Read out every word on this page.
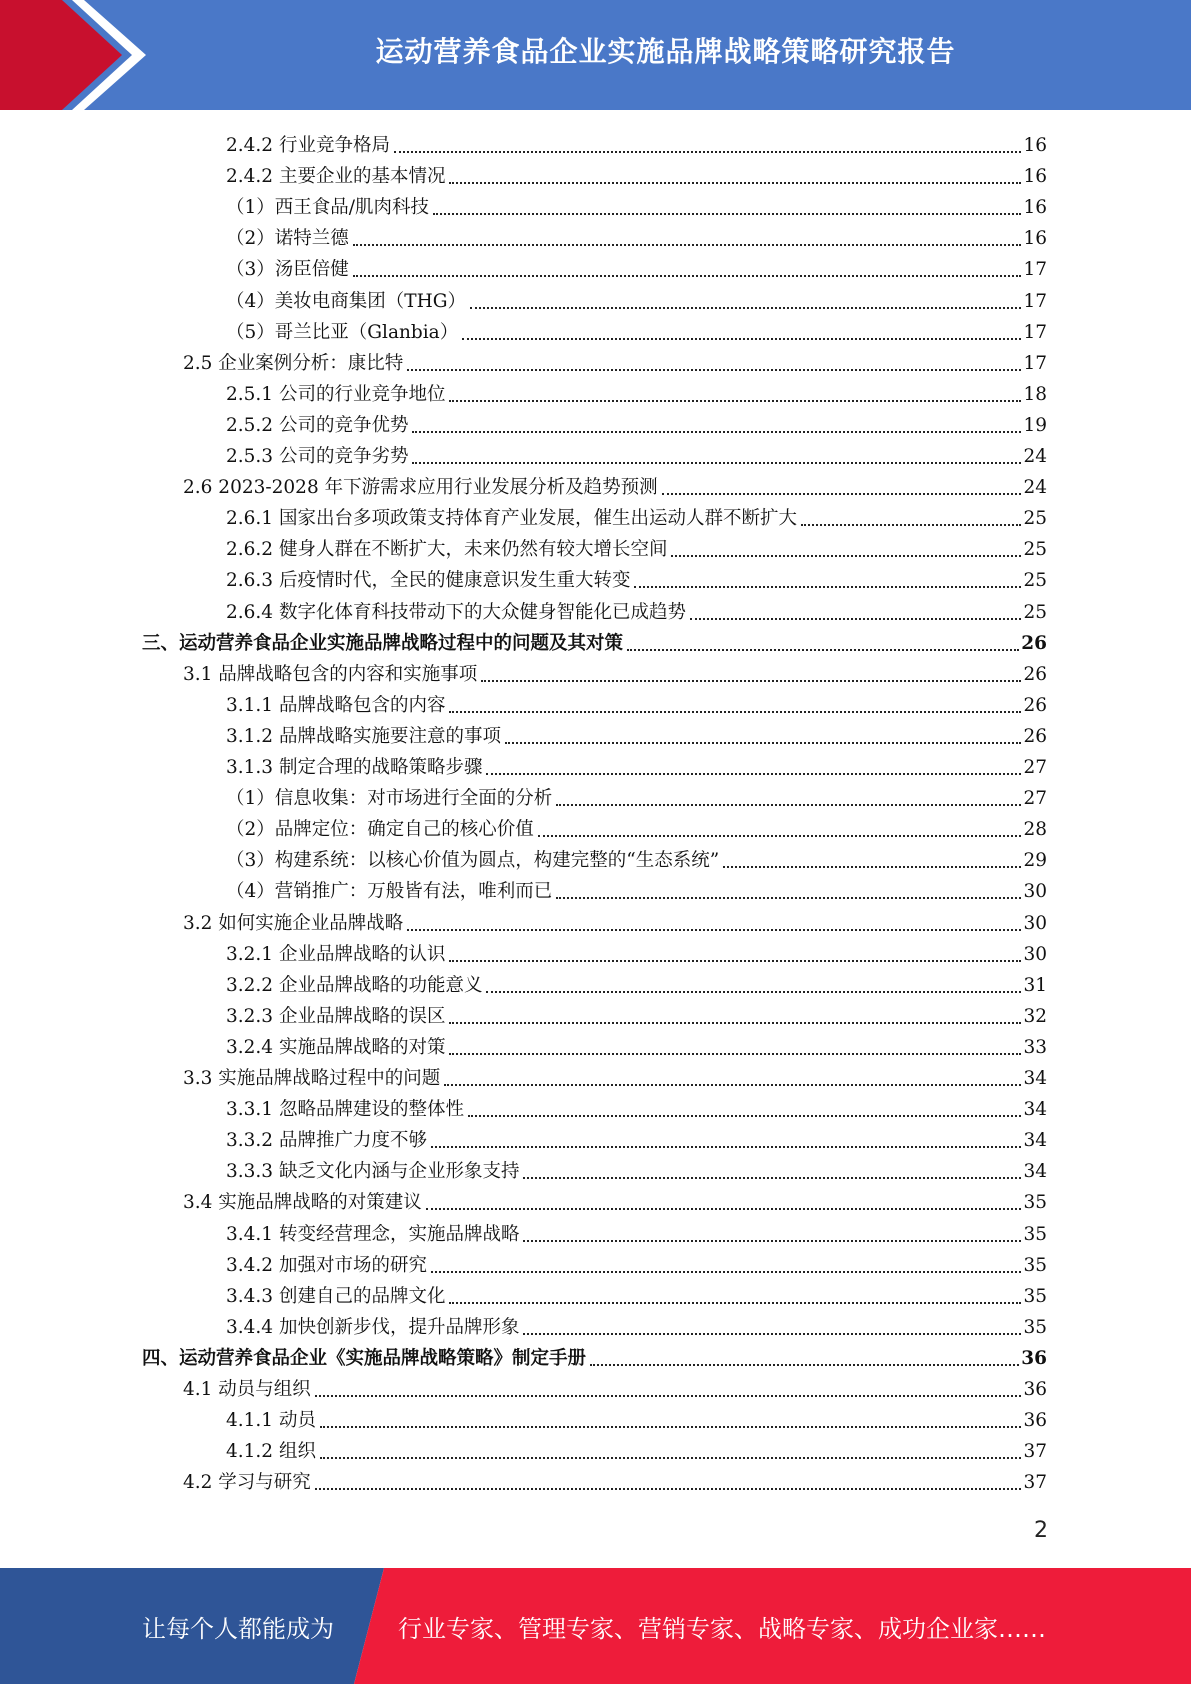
运动营养食品企业实施品牌战略策略研究报告
2.4.2 行业竞争格局	16
2.4.2 主要企业的基本情况	16
（1）西王食品/肌肉科技	16
（2）诺特兰德	16
（3）汤臣倍健	17
（4）美妆电商集团（THG）	17
（5）哥兰比亚（Glanbia）	17
2.5 企业案例分析：康比特	17
2.5.1 公司的行业竞争地位	18
2.5.2 公司的竞争优势	19
2.5.3 公司的竞争劣势	24
2.6 2023-2028 年下游需求应用行业发展分析及趋势预测	24
2.6.1 国家出台多项政策支持体育产业发展，催生出运动人群不断扩大	25
2.6.2 健身人群在不断扩大，未来仍然有较大增长空间	25
2.6.3 后疫情时代，全民的健康意识发生重大转变	25
2.6.4 数字化体育科技带动下的大众健身智能化已成趋势	25
三、运动营养食品企业实施品牌战略过程中的问题及其对策	26
3.1 品牌战略包含的内容和实施事项	26
3.1.1 品牌战略包含的内容	26
3.1.2 品牌战略实施要注意的事项	26
3.1.3 制定合理的战略策略步骤	27
（1）信息收集：对市场进行全面的分析	27
（2）品牌定位：确定自己的核心价值	28
（3）构建系统：以核心价值为圆点，构建完整的“生态系统”	29
（4）营销推广：万般皆有法，唯利而已	30
3.2 如何实施企业品牌战略	30
3.2.1 企业品牌战略的认识	30
3.2.2 企业品牌战略的功能意义	31
3.2.3 企业品牌战略的误区	32
3.2.4 实施品牌战略的对策	33
3.3 实施品牌战略过程中的问题	34
3.3.1 忽略品牌建设的整体性	34
3.3.2 品牌推广力度不够	34
3.3.3 缺乏文化内涵与企业形象支持	34
3.4 实施品牌战略的对策建议	35
3.4.1 转变经营理念，实施品牌战略	35
3.4.2 加强对市场的研究	35
3.4.3 创建自己的品牌文化	35
3.4.4 加快创新步伐，提升品牌形象	35
四、运动营养食品企业《实施品牌战略策略》制定手册	36
4.1 动员与组织	36
4.1.1 动员	36
4.1.2 组织	37
4.2 学习与研究	37
2
让每个人都能成为	行业专家、管理专家、营销专家、战略专家、成功企业家……
